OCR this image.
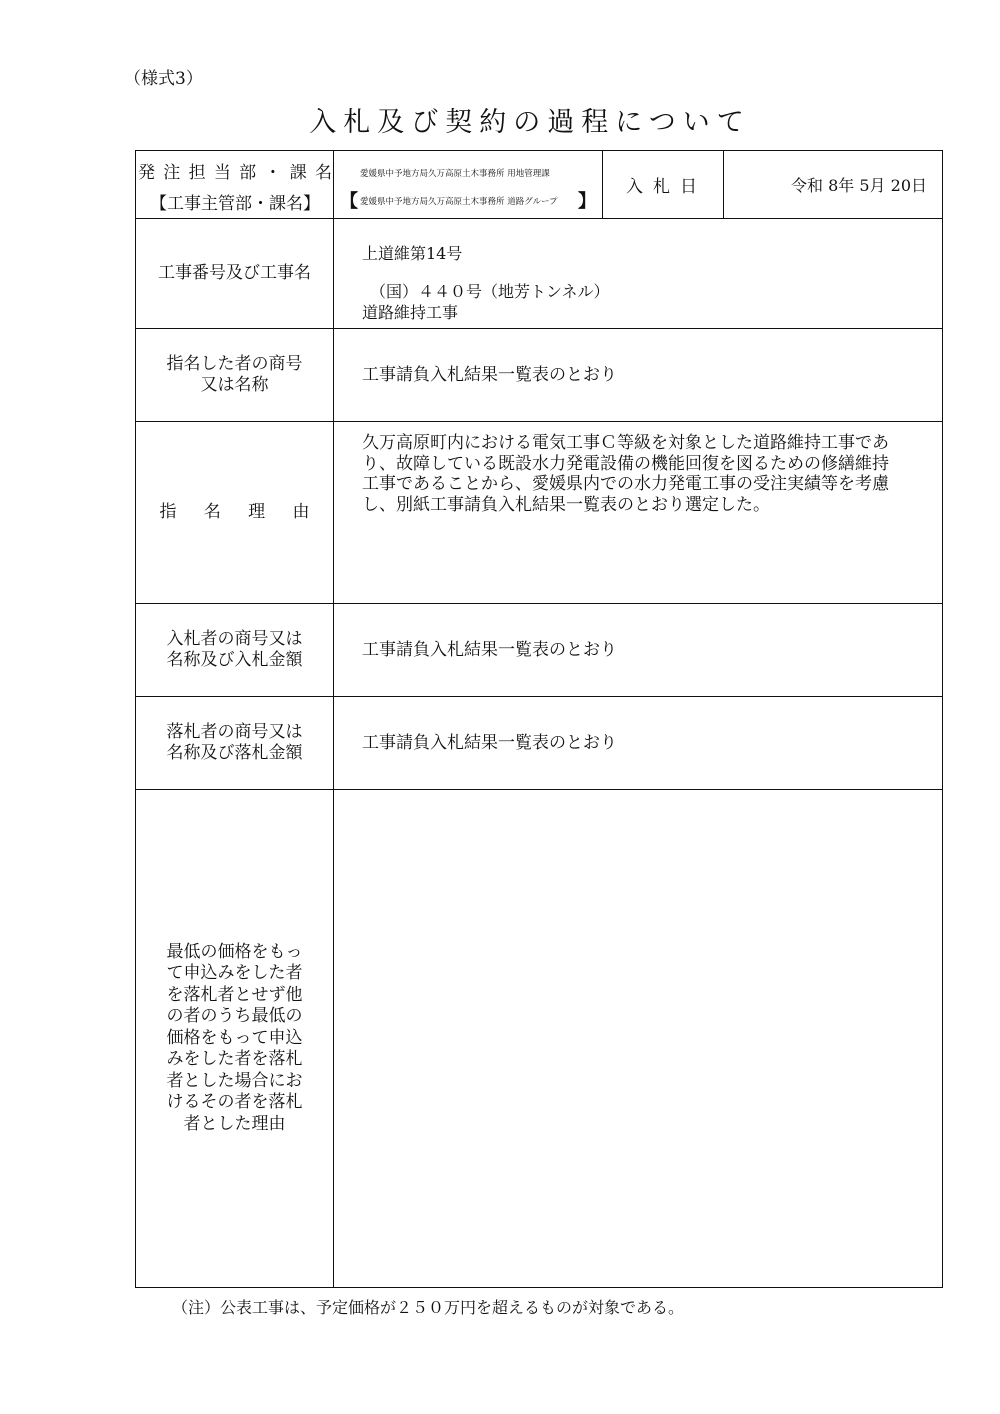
（様式3）
入札及び契約の過程について
発 注 担 当 部 ・ 課 名
【工事主管部・課名】
愛媛県中予地方局久万高原土木事務所 用地管理課
【 愛媛県中予地方局久万高原土木事務所 道路グループ 】
入札日	令和 8年 5月 20日
工事番号及び工事名
上道維第14号
（国）４４０号（地芳トンネル）
道路維持工事
指名した者の商号
又は名称
工事請負入札結果一覧表のとおり
指 名 理 由
久万高原町内における電気工事Ｃ等級を対象とした道路維持工事であ
り、故障している既設水力発電設備の機能回復を図るための修繕維持
工事であることから、愛媛県内での水力発電工事の受注実績等を考慮
し、別紙工事請負入札結果一覧表のとおり選定した。
入札者の商号又は
名称及び入札金額
工事請負入札結果一覧表のとおり
落札者の商号又は
名称及び落札金額
工事請負入札結果一覧表のとおり
最低の価格をもっ
て申込みをした者
を落札者とせず他
の者のうち最低の
価格をもって申込
みをした者を落札
者とした場合にお
けるその者を落札
者とした理由
（注）公表工事は、予定価格が２５０万円を超えるものが対象である。
